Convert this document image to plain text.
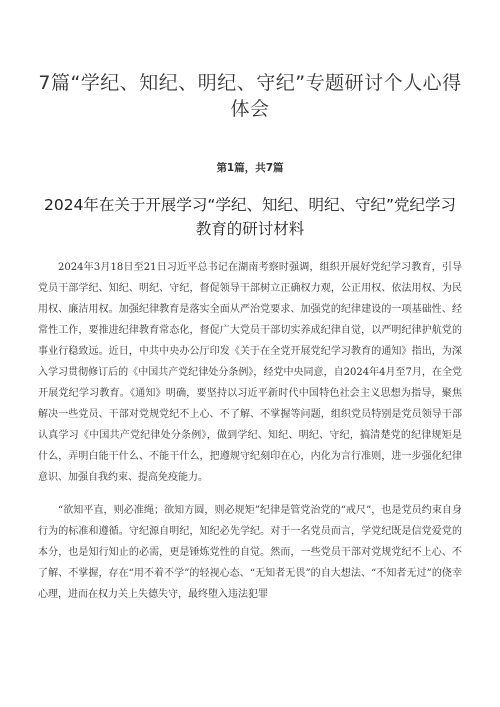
7篇“学纪、知纪、明纪、守纪”专题研讨个人心得体会
第1篇，共7篇
2024年在关于开展学习“学纪、知纪、明纪、守纪”党纪学习教育的研讨材料

2024年3月18日至21日习近平总书记在湖南考察时强调，组织开展好党纪学习教育，引导党员干部学纪、知纪、明纪、守纪，督促领导干部树立正确权力观，公正用权、依法用权、为民用权、廉洁用权。加强纪律教育是落实全面从严治党要求、加强党的纪律建设的一项基础性、经常性工作，要推进纪律教育常态化，督促广大党员干部切实养成纪律自觉，以严明纪律护航党的事业行稳致远。近日，中共中央办公厅印发《关于在全党开展党纪学习教育的通知》指出，为深入学习贯彻修订后的《中国共产党纪律处分条例》，经党中央同意，自2024年4月至7月，在全党开展党纪学习教育。《通知》明确，要坚持以习近平新时代中国特色社会主义思想为指导，聚焦解决一些党员、干部对党规党纪不上心、不了解、不掌握等问题，组织党员特别是党员领导干部认真学习《中国共产党纪律处分条例》，做到学纪、知纪、明纪、守纪，搞清楚党的纪律规矩是什么，弄明白能干什么、不能干什么，把遵规守纪刻印在心，内化为言行准则，进一步强化纪律意识、加强自我约束、提高免疫能力。

“欲知平直，则必准绳；欲知方圆，则必规矩”纪律是管党治党的“戒尺”，也是党员约束自身行为的标准和遵循。守纪源自明纪，知纪必先学纪。对于一名党员而言，学党纪既是信党爱党的本分，也是知行知止的必需，更是锤炼党性的自觉。然而，一些党员干部对党规党纪不上心、不了解、不掌握，存在“用不着不学”的轻视心态、“无知者无畏”的自大想法、“不知者无过”的侥幸心理，进而在权力关上失德失守，最终堕入违法犯罪
